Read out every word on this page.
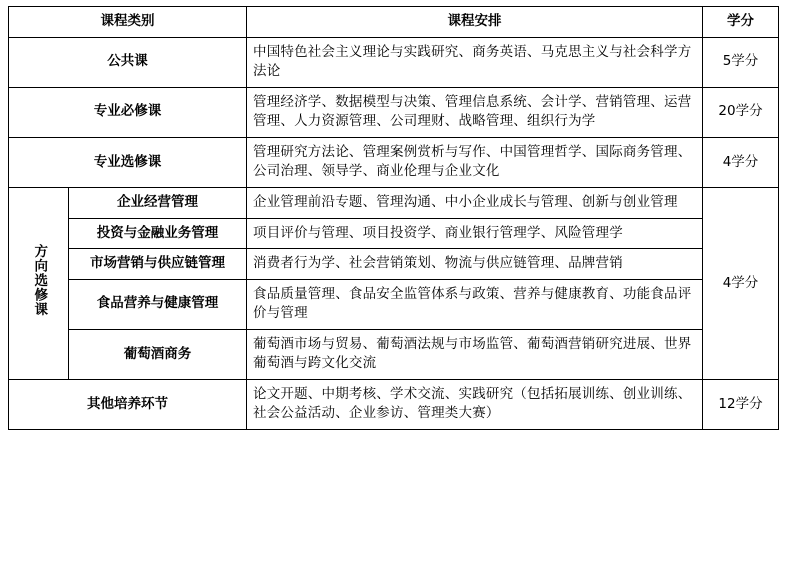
课程类别		课程安排	学分
公共课		中国特色社会主义理论与实践研究、商务英语、马克思主义与社会科学方法论	5学分
专业必修课		管理经济学、数据模型与决策、管理信息系统、会计学、营销管理、运营管理、人力资源管理、公司理财、战略管理、组织行为学	20学分
专业选修课		管理研究方法论、管理案例赏析与写作、中国管理哲学、国际商务管理、公司治理、领导学、商业伦理与企业文化	4学分
方向选修课	企业经营管理	企业管理前沿专题、管理沟通、中小企业成长与管理、创新与创业管理	4学分
	投资与金融业务管理	项目评价与管理、项目投资学、商业银行管理学、风险管理学	
	市场营销与供应链管理	消费者行为学、社会营销策划、物流与供应链管理、品牌营销	
	食品营养与健康管理	食品质量管理、食品安全监管体系与政策、营养与健康教育、功能食品评价与管理	
	葡萄酒商务	葡萄酒市场与贸易、葡萄酒法规与市场监管、葡萄酒营销研究进展、世界葡萄酒与跨文化交流	
其他培养环节		论文开题、中期考核、学术交流、实践研究（包括拓展训练、创业训练、社会公益活动、企业参访、管理类大赛）	12学分
